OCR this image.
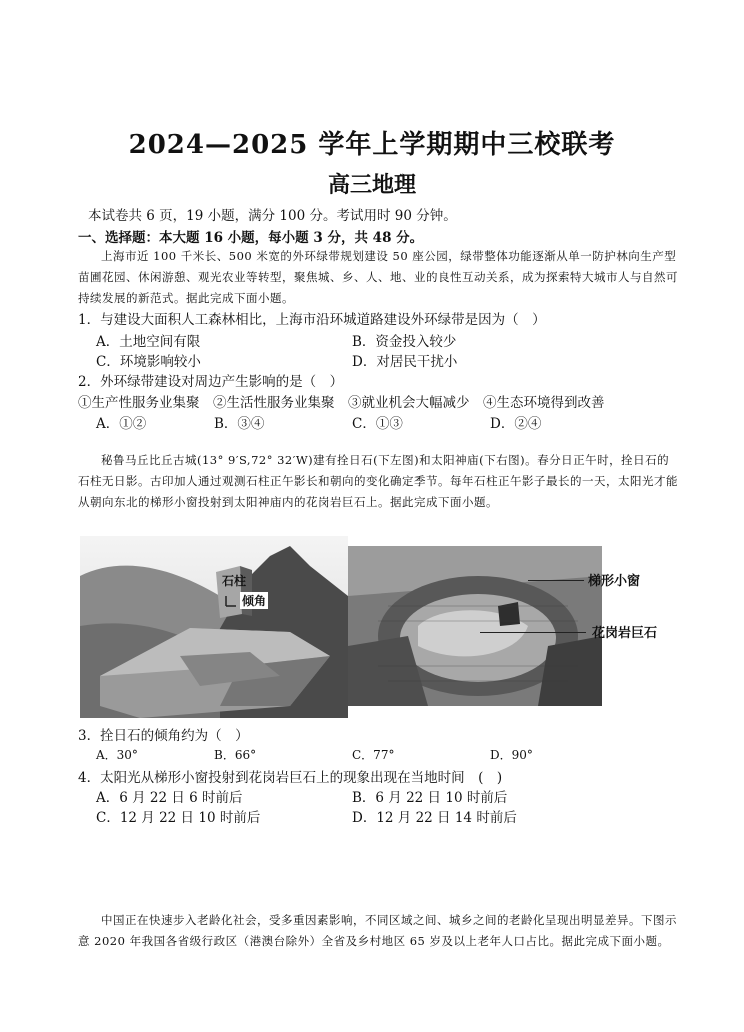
2024—2025 学年上学期期中三校联考
高三地理
本试卷共 6 页，19 小题，满分 100 分。考试用时 90 分钟。
一、选择题：本大题 16 小题，每小题 3 分，共 48 分。
上海市近 100 千米长、500 米宽的外环绿带规划建设 50 座公园，绿带整体功能逐渐从单一防护林向生产型苗圃花园、休闲游憩、观光农业等转型，聚焦城、乡、人、地、业的良性互动关系，成为探索特大城市人与自然可持续发展的新范式。据此完成下面小题。
1．与建设大面积人工森林相比，上海市沿环城道路建设外环绿带是因为（　）
A．土地空间有限	B．资金投入较少
C．环境影响较小	D．对居民干扰小
2．外环绿带建设对周边产生影响的是（　）
①生产性服务业集聚　②生活性服务业集聚　③就业机会大幅减少　④生态环境得到改善
A．①②	B．③④	C．①③	D．②④
秘鲁马丘比丘古城(13° 9′S,72° 32′W)建有拴日石(下左图)和太阳神庙(下右图)。春分日正午时，拴日石的石柱无日影。古印加人通过观测石柱正午影长和朝向的变化确定季节。每年石柱正午影子最长的一天，太阳光才能从朝向东北的梯形小窗投射到太阳神庙内的花岗岩巨石上。据此完成下面小题。
石柱
倾角
梯形小窗
花岗岩巨石
3．拴日石的倾角约为（　）
A．30°	B．66°	C．77°	D．90°
4．太阳光从梯形小窗投射到花岗岩巨石上的现象出现在当地时间　(　)
A．6 月 22 日 6 时前后	B．6 月 22 日 10 时前后
C．12 月 22 日 10 时前后	D．12 月 22 日 14 时前后
中国正在快速步入老龄化社会，受多重因素影响，不同区域之间、城乡之间的老龄化呈现出明显差异。下图示意 2020 年我国各省级行政区（港澳台除外）全省及乡村地区 65 岁及以上老年人口占比。据此完成下面小题。
